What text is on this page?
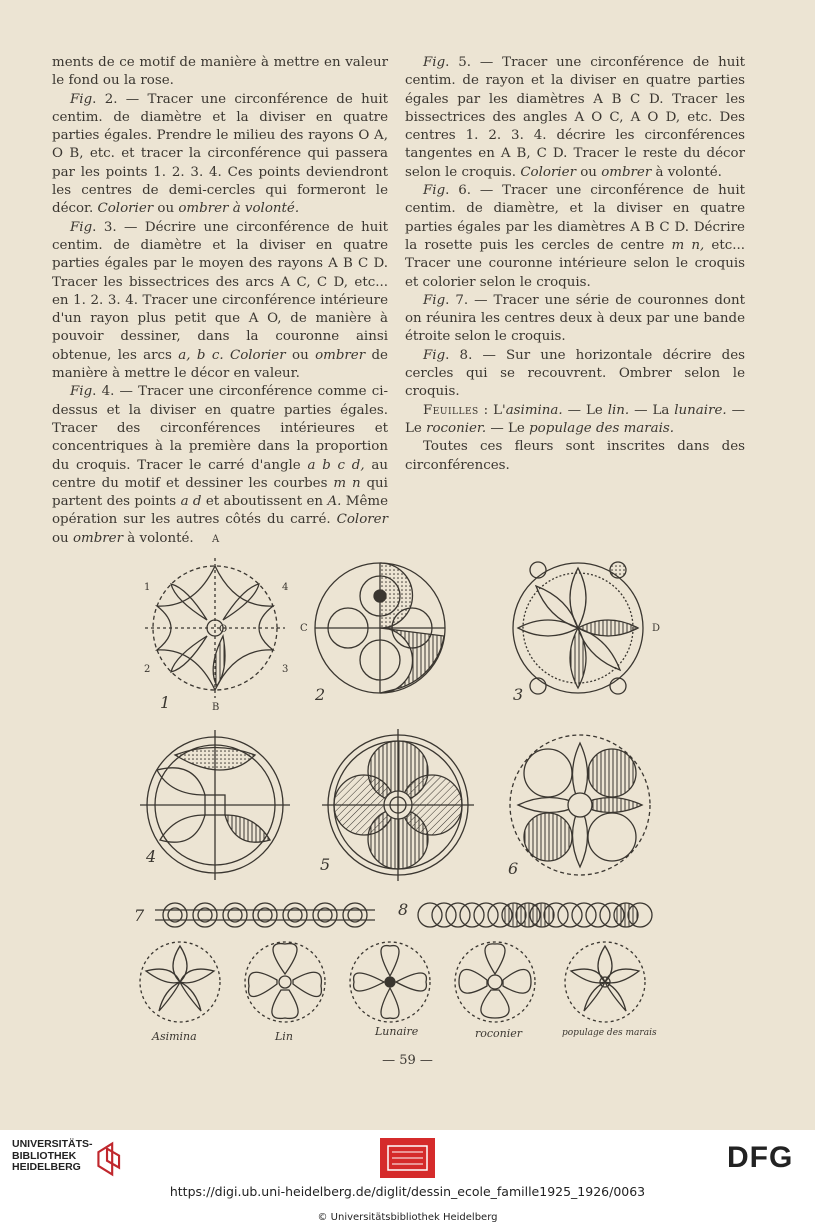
ments de ce motif de manière à mettre en valeur le fond ou la rose.

Fig. 2. — Tracer une circonférence de huit centim. de diamètre et la diviser en quatre parties égales. Prendre le milieu des rayons O A, O B, etc. et tracer la circonférence qui passera par les points 1. 2. 3. 4. Ces points deviendront les centres de demi-cercles qui formeront le décor. Colorier ou ombrer à volonté.

Fig. 3. — Décrire une circonférence de huit centim. de diamètre et la diviser en quatre parties égales par le moyen des rayons A B C D. Tracer les bissectrices des arcs A C, C D, etc... en 1. 2. 3. 4. Tracer une circonférence intérieure d'un rayon plus petit que A O, de manière à pouvoir dessiner, dans la couronne ainsi obtenue, les arcs a, b c. Colorier ou ombrer de manière à mettre le décor en valeur.

Fig. 4. — Tracer une circonférence comme ci-dessus et la diviser en quatre parties égales. Tracer des circonférences intérieures et concentriques à la première dans la proportion du croquis. Tracer le carré d'angle a b c d, au centre du motif et dessiner les courbes m n qui partent des points a d et aboutissent en A. Même opération sur les autres côtés du carré. Colorer ou ombrer à volonté.

Fig. 5. — Tracer une circonférence de huit centim. de rayon et la diviser en quatre parties égales par les diamètres A B C D. Tracer les bissectrices des angles A O C, A O D, etc. Des centres 1. 2. 3. 4. décrire les circonférences tangentes en A B, C D. Tracer le reste du décor selon le croquis. Colorier ou ombrer à volonté.

Fig. 6. — Tracer une circonférence de huit centim. de diamètre, et la diviser en quatre parties égales par les diamètres A B C D. Décrire la rosette puis les cercles de centre m n, etc... Tracer une couronne intérieure selon le croquis et colorier selon le croquis.

Fig. 7. — Tracer une série de couronnes dont on réunira les centres deux à deux par une bande étroite selon le croquis.

Fig. 8. — Sur une horizontale décrire des cercles qui se recouvrent. Ombrer selon le croquis.

Feuilles : L'asimina. — Le lin. — La lunaire. — Le roconier. — Le populage des marais.

Toutes ces fleurs sont inscrites dans des circonférences.

A
B
C	D
O
1
2	3
4
1	2	3
4	5	6
7	8
Asimina	Lin	Lunaire	roconier	populage des marais
— 59 —
UNIVERSITÄTS-
BIBLIOTHEK
HEIDELBERG	DFG
https://digi.ub.uni-heidelberg.de/diglit/dessin_ecole_famille1925_1926/0063
© Universitätsbibliothek Heidelberg
